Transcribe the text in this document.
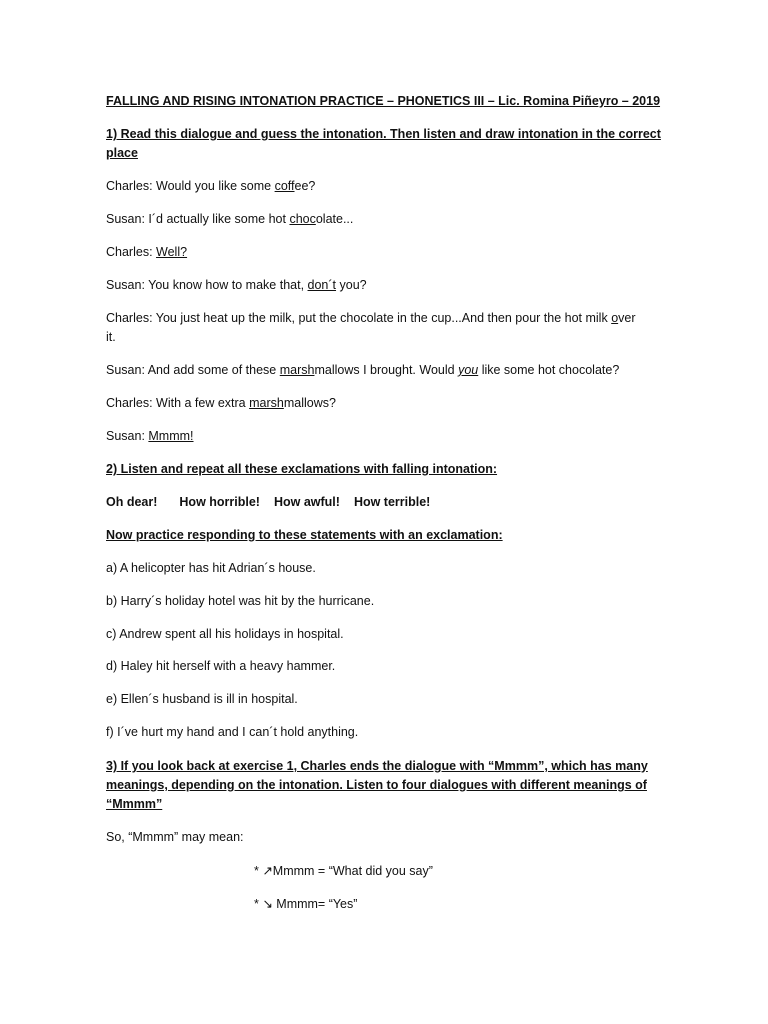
FALLING AND RISING INTONATION PRACTICE – PHONETICS III – Lic. Romina Piñeyro – 2019
1) Read this dialogue and guess the intonation. Then listen and draw intonation in the correct
place
Charles: Would you like some coffee?
Susan: I´d actually like some hot chocolate...
Charles: Well?
Susan: You know how to make that, don´t you?
Charles: You just heat up the milk, put the chocolate in the cup...And then pour the hot milk over
it.
Susan: And add some of these marshmallows I brought. Would you like some hot chocolate?
Charles: With a few extra marshmallows?
Susan: Mmmm!
2) Listen and repeat all these exclamations with falling intonation:
Oh dear! How horrible! How awful! How terrible!
Now practice responding to these statements with an exclamation:
a) A helicopter has hit Adrian´s house.
b) Harry´s holiday hotel was hit by the hurricane.
c) Andrew spent all his holidays in hospital.
d) Haley hit herself with a heavy hammer.
e) Ellen´s husband is ill in hospital.
f) I´ve hurt my hand and I can´t hold anything.
3) If you look back at exercise 1, Charles ends the dialogue with “Mmmm”, which has many
meanings, depending on the intonation. Listen to four dialogues with different meanings of
“Mmmm”
So, “Mmmm” may mean:
* ↗Mmmm = “What did you say”
* ↘ Mmmm= “Yes”
